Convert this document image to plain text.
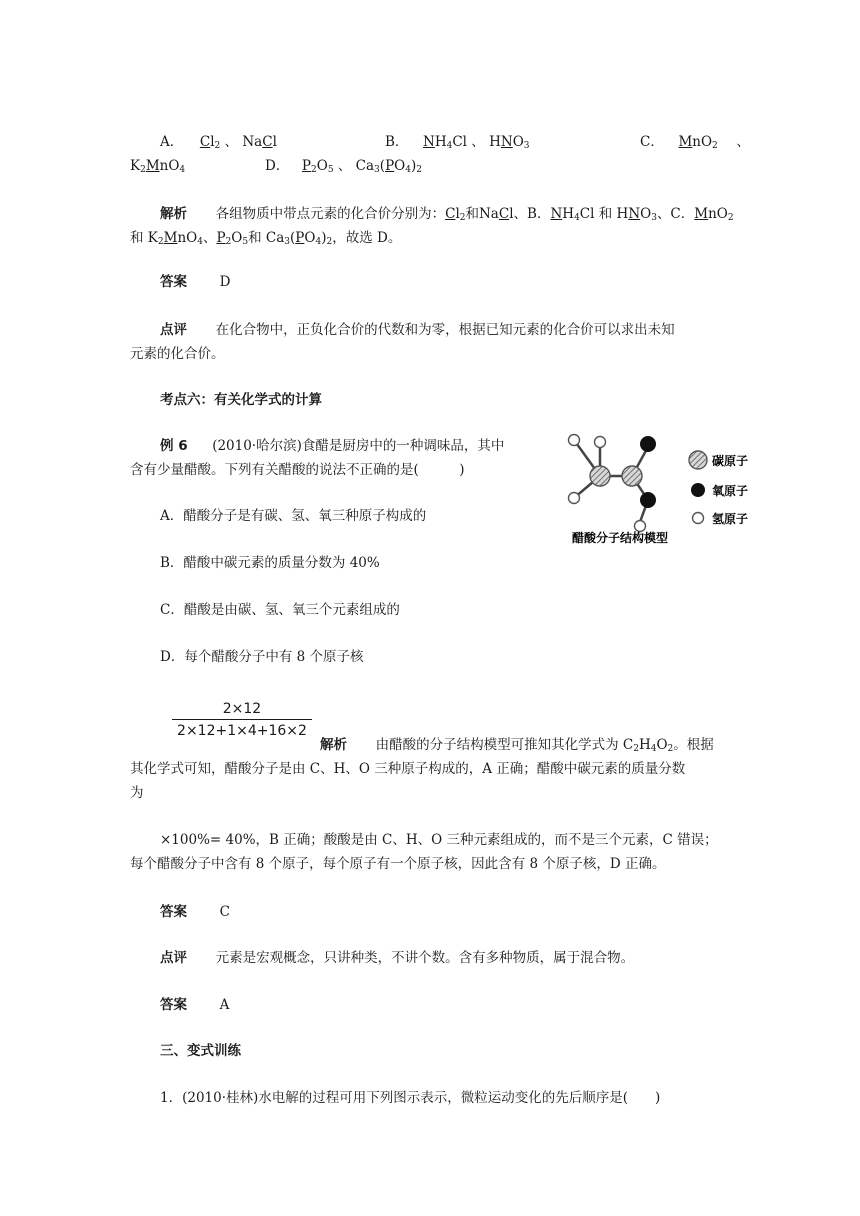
A． $Cl_2$ 、 NaCl	B． $NH_4Cl$ 、 $HNO_3$	C． MnO$_2$ 、
$K_2MnO_4$	D． $P_2O_5$ 、 $Ca_3(PO_4)_2$
解析 各组物质中带点元素的化合价分别为：$Cl_2$和NaCl、B．$NH_4Cl$ 和 $HNO_3$、C．MnO$_2$
和 $K_2MnO_4$、$P_2O_5$和 $Ca_3(PO_4)_2$，故选 D。
答案 D
点评 在化合物中，正负化合价的代数和为零，根据已知元素的化合价可以求出未知
元素的化合价。
考点六：有关化学式的计算
例 6 (2010·哈尔滨)食醋是厨房中的一种调味品，其中
含有少量醋酸。下列有关醋酸的说法不正确的是(　　　)
A．醋酸分子是有碳、氢、氧三种原子构成的
B．醋酸中碳元素的质量分数为 40%
C．醋酸是由碳、氢、氧三个元素组成的
D．每个醋酸分子中有 8 个原子核
碳原子
氧原子
氢原子
醋酸分子结构模型
2×12
2×12+1×4+16×2
解析 由醋酸的分子结构模型可推知其化学式为 $C_2H_4O_2$。根据
其化学式可知，醋酸分子是由 C、H、O 三种原子构成的，A 正确；醋酸中碳元素的质量分数
为
×100%= 40%，B 正确；酸酸是由 C、H、O 三种元素组成的，而不是三个元素，C 错误；
每个醋酸分子中含有 8 个原子，每个原子有一个原子核，因此含有 8 个原子核，D 正确。
答案 C
点评 元素是宏观概念，只讲种类，不讲个数。含有多种物质，属于混合物。
答案 A
三、变式训练
1．(2010·桂林)水电解的过程可用下列图示表示，微粒运动变化的先后顺序是(　　)
